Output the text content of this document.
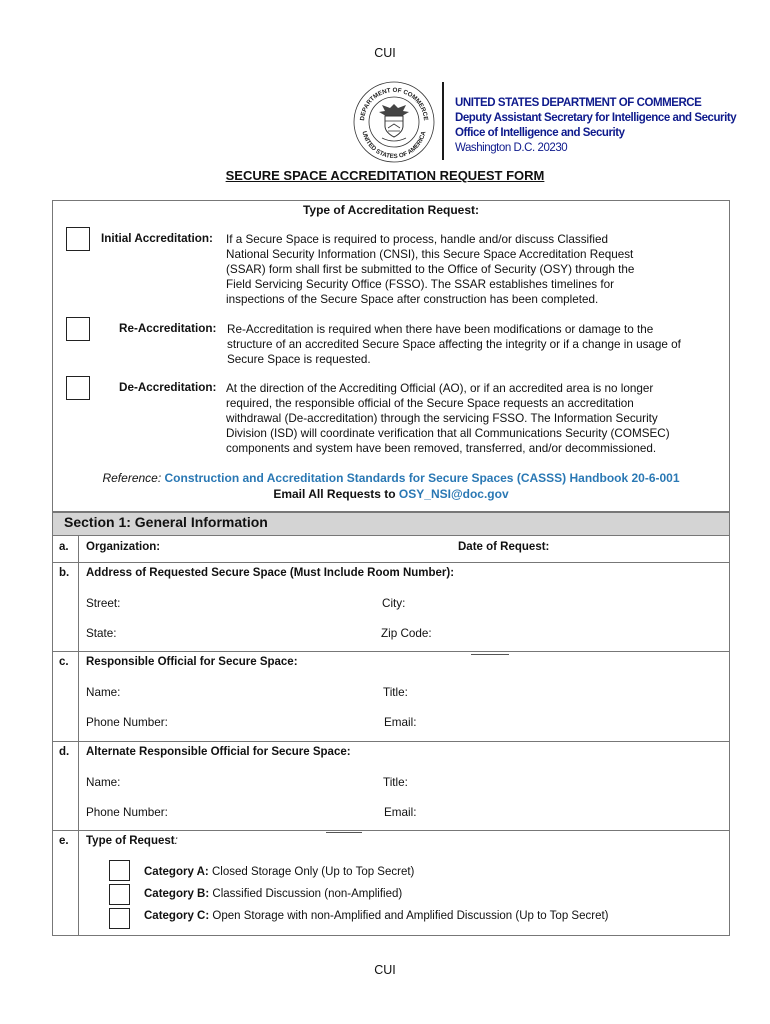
CUI
DEPARTMENT OF COMMERCE
UNITED STATES OF AMERICA
UNITED STATES DEPARTMENT OF COMMERCE
Deputy Assistant Secretary for Intelligence and Security
Office of Intelligence and Security
Washington D.C. 20230
SECURE SPACE ACCREDITATION REQUEST FORM
Type of Accreditation Request:
Initial Accreditation: If a Secure Space is required to process, handle and/or discuss Classified
National Security Information (CNSI), this Secure Space Accreditation Request
(SSAR) form shall first be submitted to the Office of Security (OSY) through the
Field Servicing Security Office (FSSO). The SSAR establishes timelines for
inspections of the Secure Space after construction has been completed.
Re-Accreditation: Re-Accreditation is required when there have been modifications or damage to the
structure of an accredited Secure Space affecting the integrity or if a change in usage of
Secure Space is requested.
De-Accreditation: At the direction of the Accrediting Official (AO), or if an accredited area is no longer
required, the responsible official of the Secure Space requests an accreditation
withdrawal (De-accreditation) through the servicing FSSO. The Information Security
Division (ISD) will coordinate verification that all Communications Security (COMSEC)
components and system have been removed, transferred, and/or decommissioned.
Reference: Construction and Accreditation Standards for Secure Spaces (CASSS) Handbook 20-6-001
Email All Requests to OSY_NSI@doc.gov
Section 1: General Information
a. Organization:	Date of Request:
b. Address of Requested Secure Space (Must Include Room Number):
Street:	City:
State:	Zip Code:
c. Responsible Official for Secure Space:
Name:	Title:
Phone Number:	Email:
d. Alternate Responsible Official for Secure Space:
Name:	Title:
Phone Number:	Email:
e. Type of Request:
Category A: Closed Storage Only (Up to Top Secret)
Category B: Classified Discussion (non-Amplified)
Category C: Open Storage with non-Amplified and Amplified Discussion (Up to Top Secret)
CUI
